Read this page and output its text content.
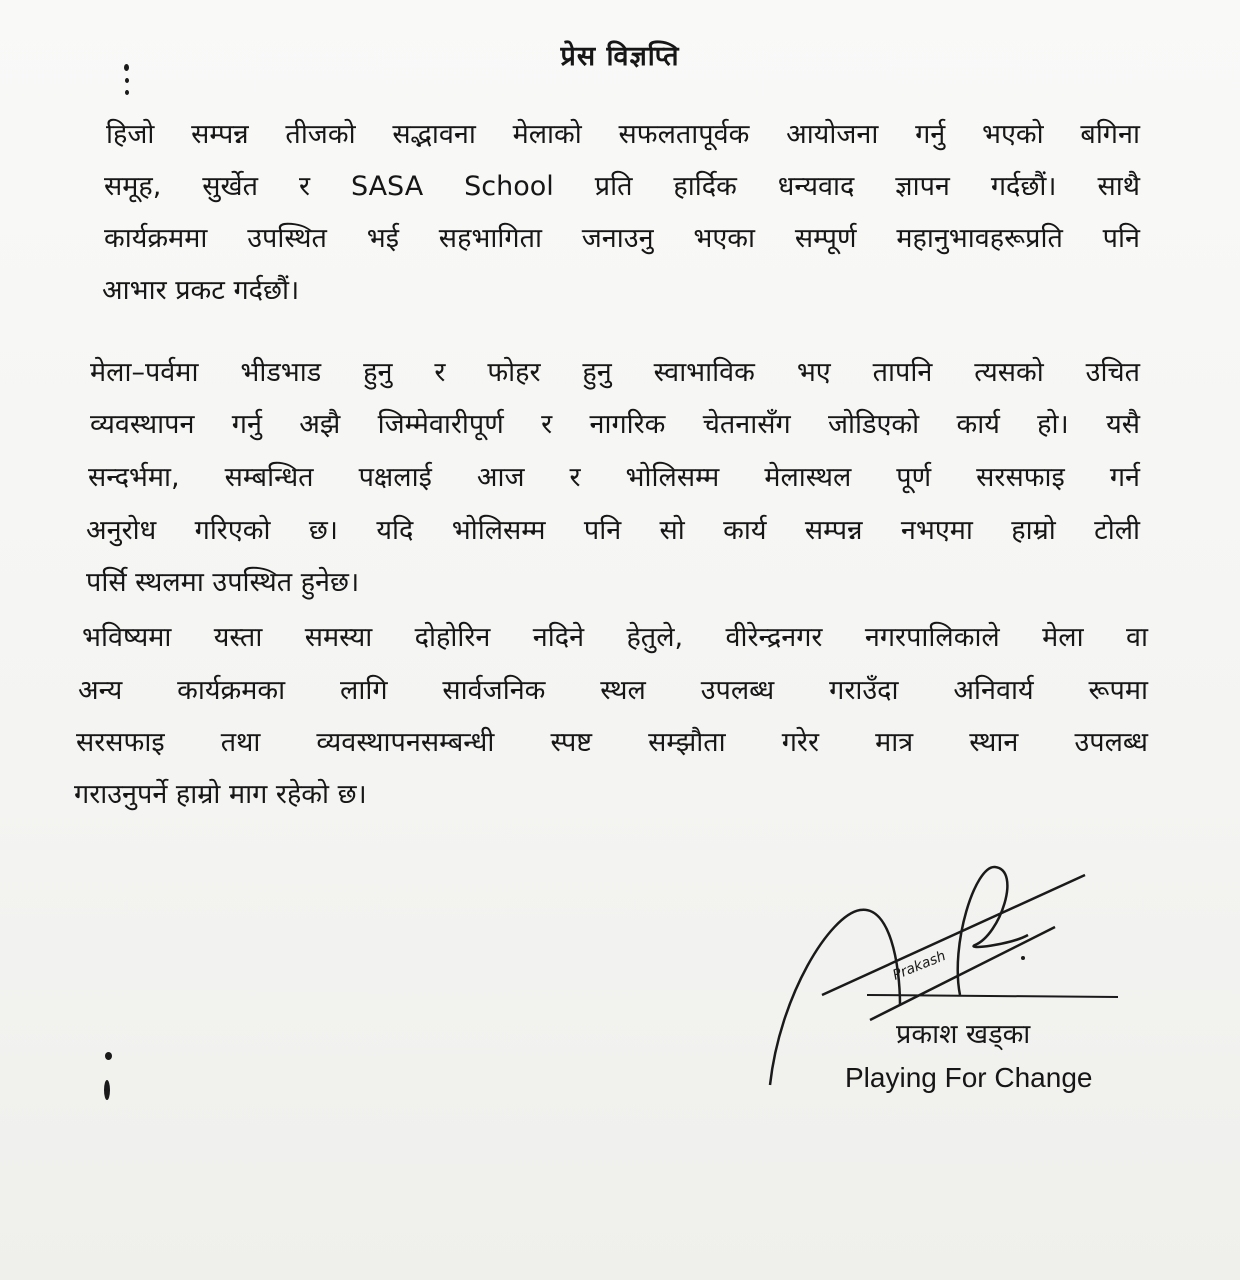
प्रेस विज्ञप्ति
हिजो सम्पन्न तीजको सद्भावना मेलाको सफलतापूर्वक आयोजना गर्नु भएको बगिना
समूह, सुर्खेत र SASA School प्रति हार्दिक धन्यवाद ज्ञापन गर्दछौं। साथै
कार्यक्रममा उपस्थित भई सहभागिता जनाउनु भएका सम्पूर्ण महानुभावहरूप्रति पनि
आभार प्रकट गर्दछौं।
मेला–पर्वमा भीडभाड हुनु र फोहर हुनु स्वाभाविक भए तापनि त्यसको उचित
व्यवस्थापन गर्नु अझै जिम्मेवारीपूर्ण र नागरिक चेतनासँग जोडिएको कार्य हो। यसै
सन्दर्भमा, सम्बन्धित पक्षलाई आज र भोलिसम्म मेलास्थल पूर्ण सरसफाइ गर्न
अनुरोध गरिएको छ। यदि भोलिसम्म पनि सो कार्य सम्पन्न नभएमा हाम्रो टोली
पर्सि स्थलमा उपस्थित हुनेछ।
भविष्यमा यस्ता समस्या दोहोरिन नदिने हेतुले, वीरेन्द्रनगर नगरपालिकाले मेला वा
अन्य कार्यक्रमका लागि सार्वजनिक स्थल उपलब्ध गराउँदा अनिवार्य रूपमा
सरसफाइ तथा व्यवस्थापनसम्बन्धी स्पष्ट सम्झौता गरेर मात्र स्थान उपलब्ध
गराउनुपर्ने हाम्रो माग रहेको छ।
Prakash
प्रकाश खड्का
Playing For Change
